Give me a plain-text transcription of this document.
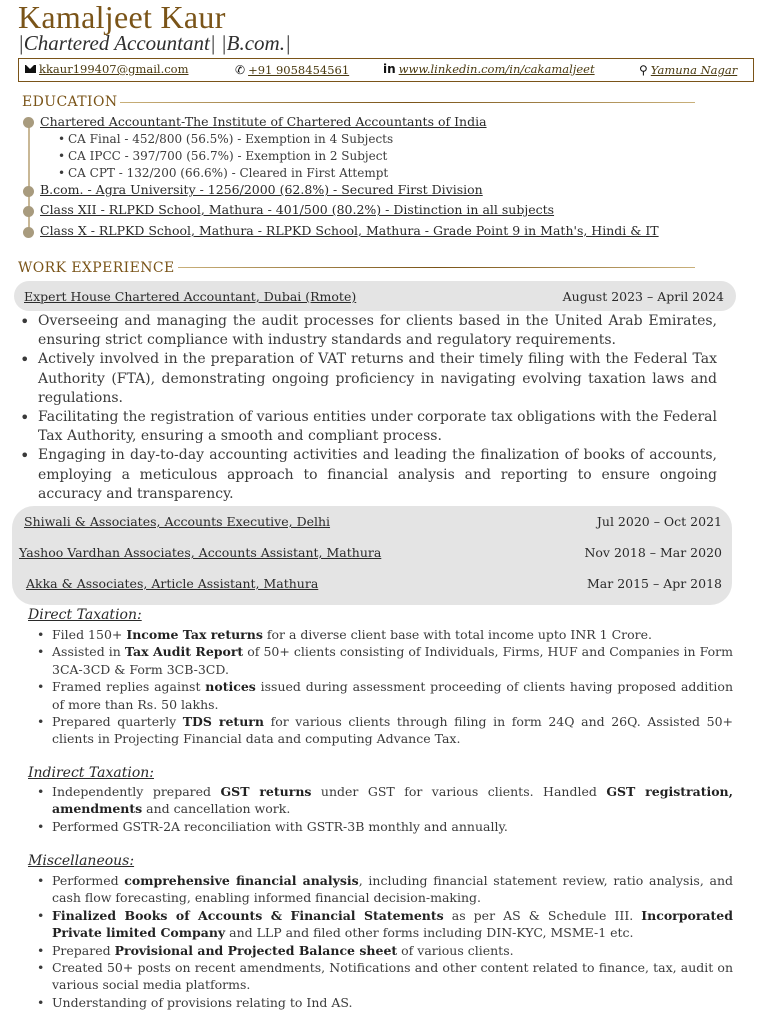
Kamaljeet Kaur
|Chartered Accountant| |B.com.|
kkaur199407@gmail.com	✆ +91 9058454561	in www.linkedin.com/in/cakamaljeet	⚲ Yamuna Nagar
EDUCATION
Chartered Accountant-The Institute of Chartered Accountants of India
• CA Final - 452/800 (56.5%) - Exemption in 4 Subjects
• CA IPCC - 397/700 (56.7%) - Exemption in 2 Subject
• CA CPT - 132/200 (66.6%) - Cleared in First Attempt
B.com. - Agra University - 1256/2000 (62.8%) - Secured First Division
Class XII - RLPKD School, Mathura - 401/500 (80.2%) - Distinction in all subjects
Class X - RLPKD School, Mathura - RLPKD School, Mathura - Grade Point 9 in Math's, Hindi & IT
WORK EXPERIENCE
Expert House Chartered Accountant, Dubai (Rmote)	August 2023 – April 2024
• Overseeing and managing the audit processes for clients based in the United Arab Emirates, ensuring strict compliance with industry standards and regulatory requirements.
• Actively involved in the preparation of VAT returns and their timely filing with the Federal Tax Authority (FTA), demonstrating ongoing proficiency in navigating evolving taxation laws and regulations.
• Facilitating the registration of various entities under corporate tax obligations with the Federal Tax Authority, ensuring a smooth and compliant process.
• Engaging in day-to-day accounting activities and leading the finalization of books of accounts, employing a meticulous approach to financial analysis and reporting to ensure ongoing accuracy and transparency.
Shiwali & Associates, Accounts Executive, Delhi	Jul 2020 – Oct 2021
Yashoo Vardhan Associates, Accounts Assistant, Mathura	Nov 2018 – Mar 2020
Akka & Associates, Article Assistant, Mathura	Mar 2015 – Apr 2018
Direct Taxation:
• Filed 150+ Income Tax returns for a diverse client base with total income upto INR 1 Crore.
• Assisted in Tax Audit Report of 50+ clients consisting of Individuals, Firms, HUF and Companies in Form 3CA-3CD & Form 3CB-3CD.
• Framed replies against notices issued during assessment proceeding of clients having proposed addition of more than Rs. 50 lakhs.
• Prepared quarterly TDS return for various clients through filing in form 24Q and 26Q. Assisted 50+ clients in Projecting Financial data and computing Advance Tax.
Indirect Taxation:
• Independently prepared GST returns under GST for various clients. Handled GST registration, amendments and cancellation work.
• Performed GSTR-2A reconciliation with GSTR-3B monthly and annually.
Miscellaneous:
• Performed comprehensive financial analysis, including financial statement review, ratio analysis, and cash flow forecasting, enabling informed financial decision-making.
• Finalized Books of Accounts & Financial Statements as per AS & Schedule III. Incorporated Private limited Company and LLP and filed other forms including DIN-KYC, MSME-1 etc.
• Prepared Provisional and Projected Balance sheet of various clients.
• Created 50+ posts on recent amendments, Notifications and other content related to finance, tax, audit on various social media platforms.
• Understanding of provisions relating to Ind AS.
